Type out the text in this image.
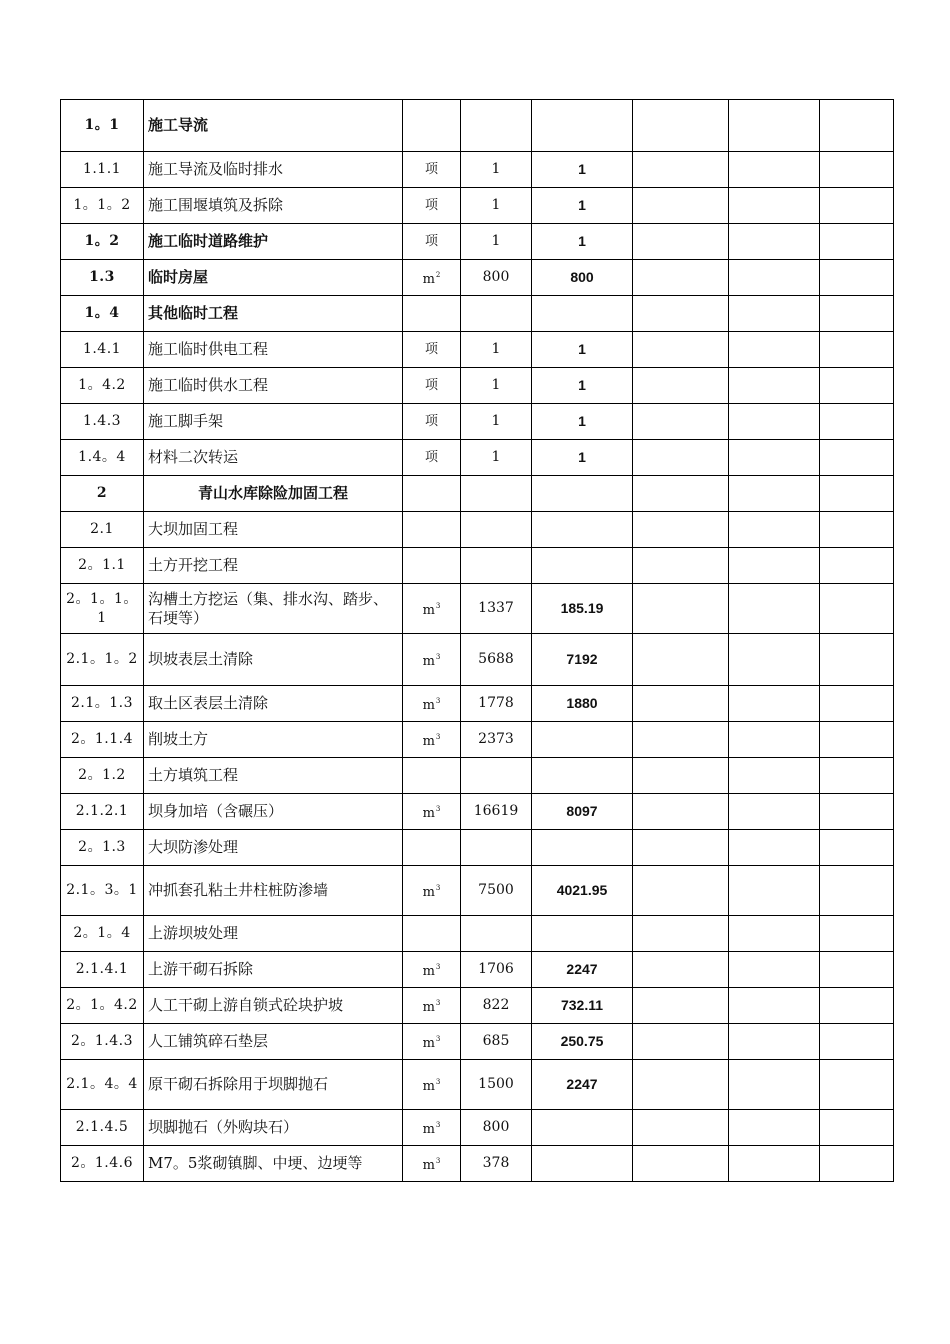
1。1	施工导流						
1.1.1	施工导流及临时排水	项	1	1			
1。1。2	施工围堰填筑及拆除	项	1	1			
1。2	施工临时道路维护	项	1	1			
1.3	临时房屋	$m^2$	800	800			
1。4	其他临时工程						
1.4.1	施工临时供电工程	项	1	1			
1。4.2	施工临时供水工程	项	1	1			
1.4.3	施工脚手架	项	1	1			
1.4。4	材料二次转运	项	1	1			
2	青山水库除险加固工程						
2.1	大坝加固工程						
2。1.1	土方开挖工程						
2。1。1。1	沟槽土方挖运（集、排水沟、踏步、石埂等）	$m^3$	1337	185.19			
2.1。1。2	坝坡表层土清除	$m^3$	5688	7192			
2.1。1.3	取土区表层土清除	$m^3$	1778	1880			
2。1.1.4	削坡土方	$m^3$	2373				
2。1.2	土方填筑工程						
2.1.2.1	坝身加培（含碾压）	$m^3$	16619	8097			
2。1.3	大坝防渗处理						
2.1。3。1	冲抓套孔粘土井柱桩防渗墙	$m^3$	7500	4021.95			
2。1。4	上游坝坡处理						
2.1.4.1	上游干砌石拆除	$m^3$	1706	2247			
2。1。4.2	人工干砌上游自锁式砼块护坡	$m^3$	822	732.11			
2。1.4.3	人工铺筑碎石垫层	$m^3$	685	250.75			
2.1。4。4	原干砌石拆除用于坝脚抛石	$m^3$	1500	2247			
2.1.4.5	坝脚抛石（外购块石）	$m^3$	800				
2。1.4.6	M7。5浆砌镇脚、中埂、边埂等	$m^3$	378				
